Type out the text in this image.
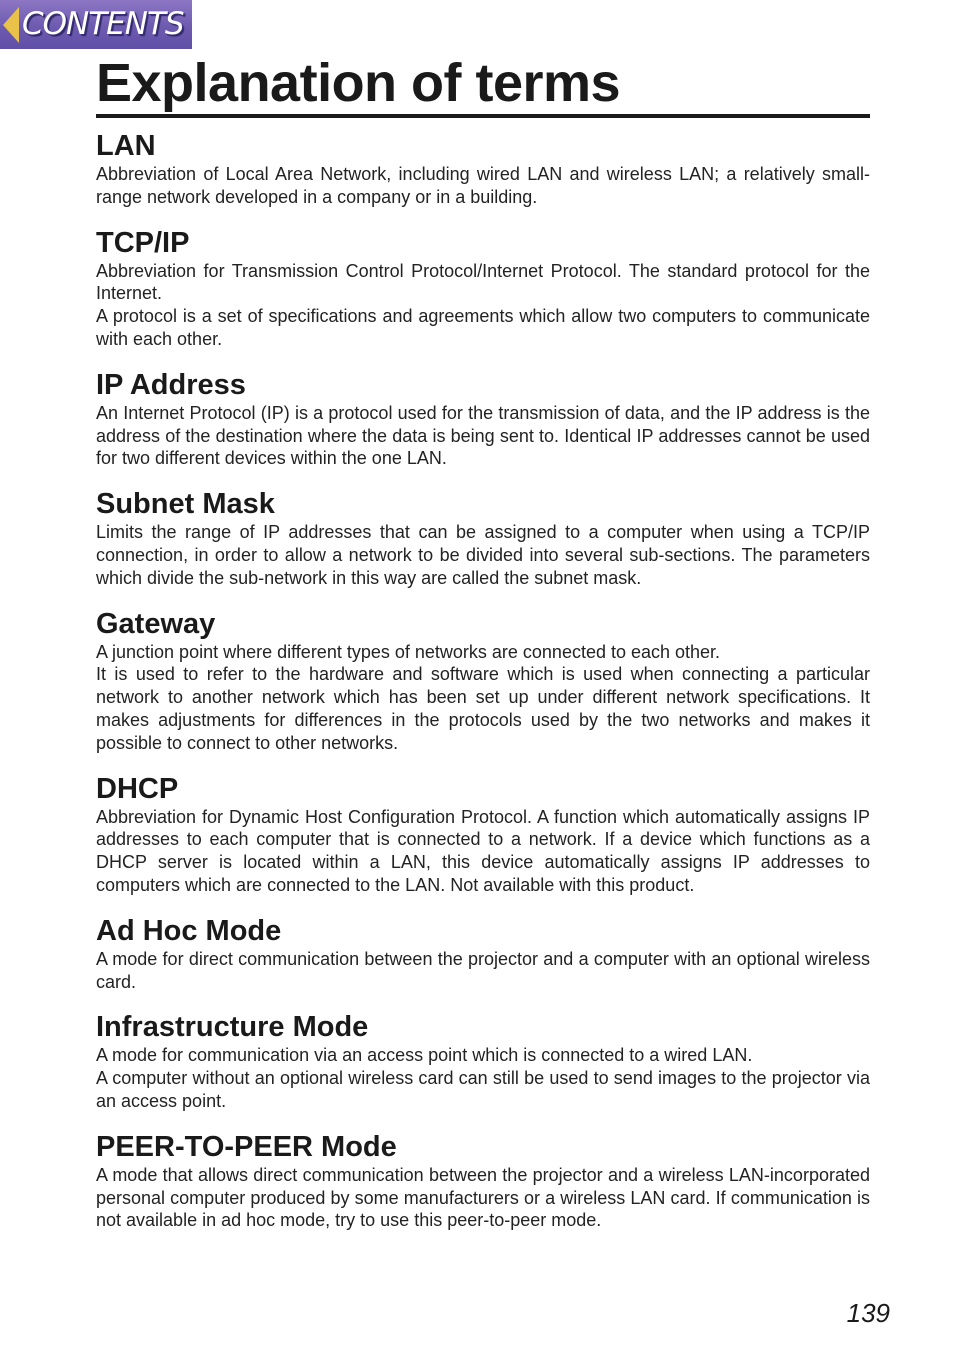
CONTENTS
Explanation of terms
LAN

Abbreviation of Local Area Network, including wired LAN and wireless LAN; a relatively small-range network developed in a company or in a building.

TCP/IP

Abbreviation for Transmission Control Protocol/Internet Protocol. The standard protocol for the Internet.

A protocol is a set of specifications and agreements which allow two computers to communicate with each other.

IP Address

An Internet Protocol (IP) is a protocol used for the transmission of data, and the IP address is the address of the destination where the data is being sent to. Identical IP addresses cannot be used for two different devices within the one LAN.

Subnet Mask

Limits the range of IP addresses that can be assigned to a computer when using a TCP/IP connection, in order to allow a network to be divided into several sub-sections. The parameters which divide the sub-network in this way are called the subnet mask.

Gateway

A junction point where different types of networks are connected to each other.

It is used to refer to the hardware and software which is used when connecting a particular network to another network which has been set up under different network specifications. It makes adjustments for differences in the protocols used by the two networks and makes it possible to connect to other networks.

DHCP

Abbreviation for Dynamic Host Configuration Protocol. A function which automatically assigns IP addresses to each computer that is connected to a network. If a device which functions as a DHCP server is located within a LAN, this device automatically assigns IP addresses to computers which are connected to the LAN. Not available with this product.

Ad Hoc Mode

A mode for direct communication between the projector and a computer with an optional wireless card.

Infrastructure Mode

A mode for communication via an access point which is connected to a wired LAN.

A computer without an optional wireless card can still be used to send images to the projector via an access point.

PEER-TO-PEER Mode

A mode that allows direct communication between the projector and a wireless LAN-incorporated personal computer produced by some manufacturers or a wireless LAN card. If communication is not available in ad hoc mode, try to use this peer-to-peer mode.

139
